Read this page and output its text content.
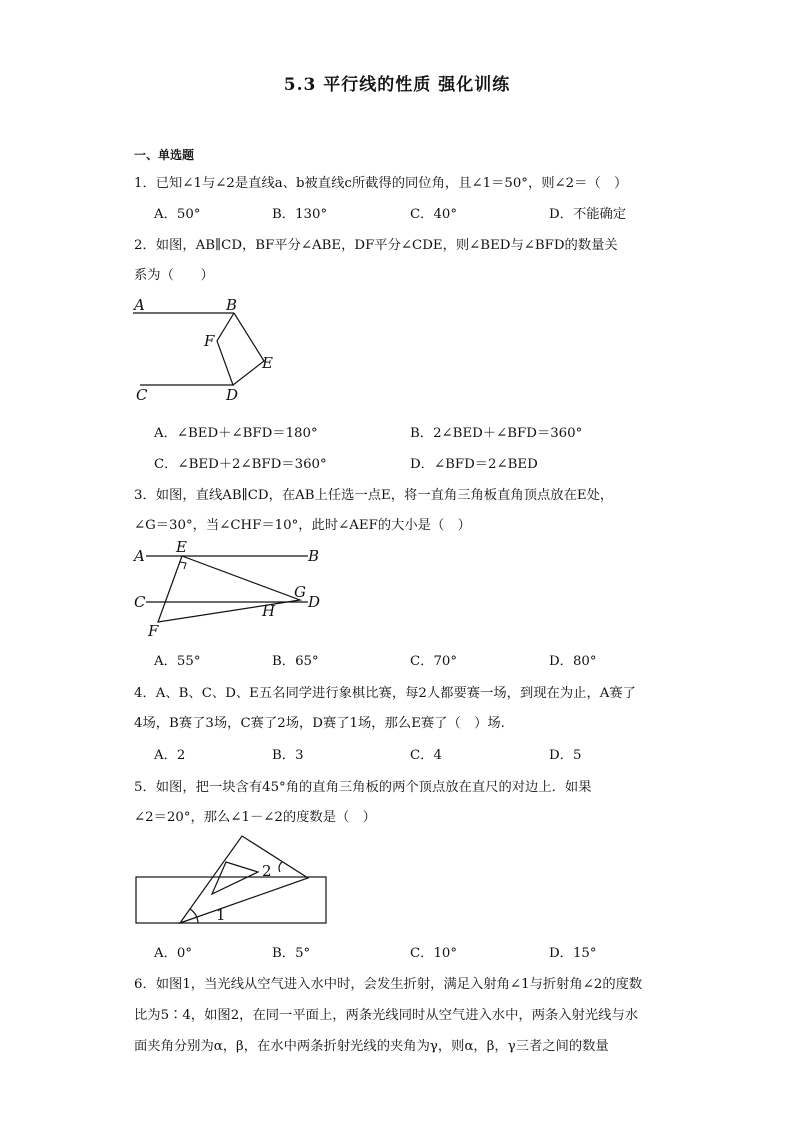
5.3 平行线的性质 强化训练
一、单选题
1．已知∠1与∠2是直线a、b被直线c所截得的同位角，且∠1＝50°，则∠2＝（　）
A．50°	B．130°	C．40°	D．不能确定
2．如图，AB∥CD，BF平分∠ABE，DF平分∠CDE，则∠BED与∠BFD的数量关
系为（　　）
A	B
F
E
C	D
A．∠BED＋∠BFD＝180°	B．2∠BED＋∠BFD＝360°
C．∠BED＋2∠BFD＝360°	D．∠BFD＝2∠BED
3．如图，直线AB∥CD，在AB上任选一点E，将一直角三角板直角顶点放在E处，
∠G＝30°，当∠CHF＝10°，此时∠AEF的大小是（　）
A E	B
C
G
D
H
F
A．55°	B．65°	C．70°	D．80°
4．A、B、C、D、E五名同学进行象棋比赛，每2人都要赛一场，到现在为止，A赛了
4场，B赛了3场，C赛了2场，D赛了1场，那么E赛了（　）场.
A．2	B．3	C．4	D．5
5．如图，把一块含有45°角的直角三角板的两个顶点放在直尺的对边上．如果
∠2＝20°，那么∠1－∠2的度数是（　）
2
1
A．0°	B．5°	C．10°	D．15°
6．如图1，当光线从空气进入水中时，会发生折射，满足入射角∠1与折射角∠2的度数
比为5∶4，如图2，在同一平面上，两条光线同时从空气进入水中，两条入射光线与水
面夹角分别为α，β，在水中两条折射光线的夹角为γ，则α，β，γ三者之间的数量
